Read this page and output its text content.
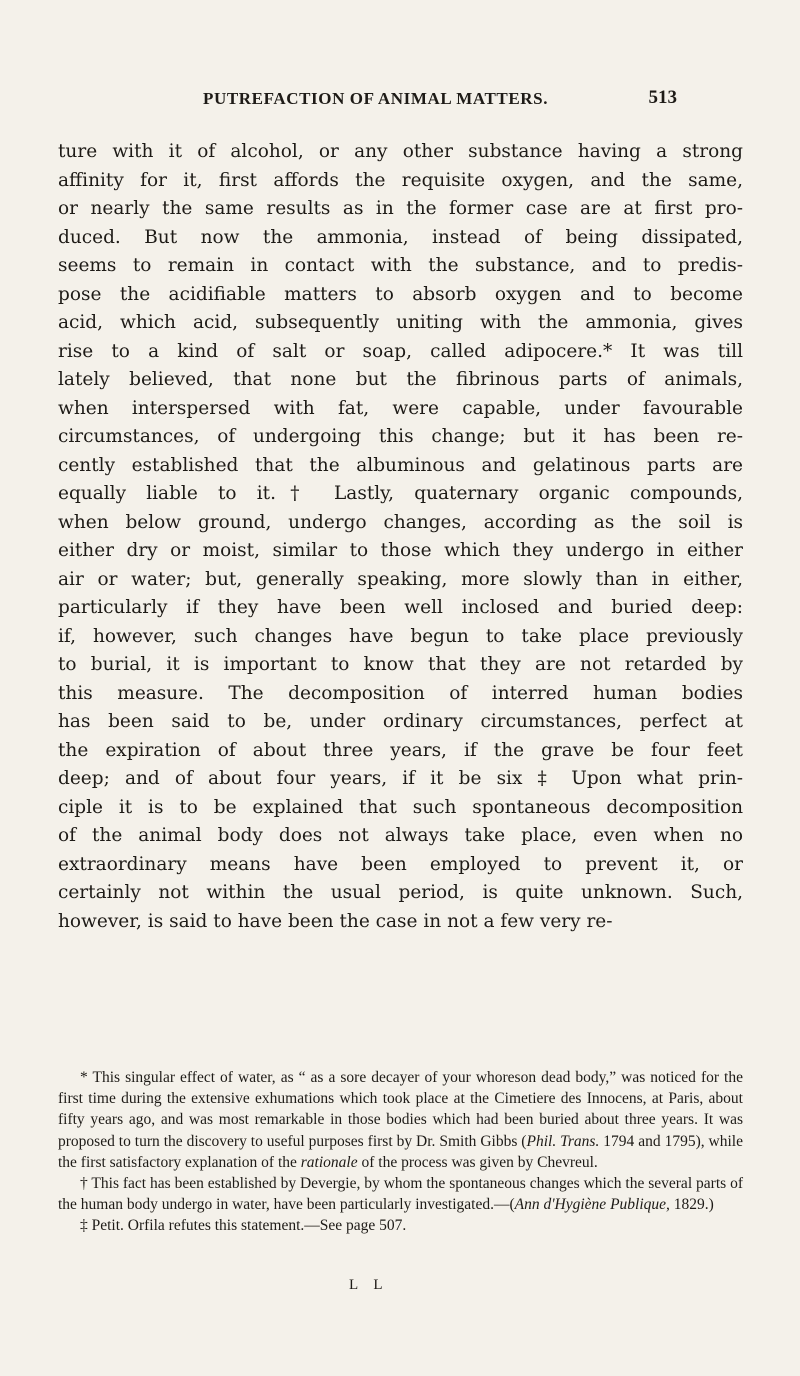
PUTREFACTION OF ANIMAL MATTERS.	513
ture with it of alcohol, or any other substance having a strong
affinity for it, first affords the requisite oxygen, and the same,
or nearly the same results as in the former case are at first pro-
duced. But now the ammonia, instead of being dissipated,
seems to remain in contact with the substance, and to predis-
pose the acidifiable matters to absorb oxygen and to become
acid, which acid, subsequently uniting with the ammonia, gives
rise to a kind of salt or soap, called adipocere.* It was till
lately believed, that none but the fibrinous parts of animals,
when interspersed with fat, were capable, under favourable
circumstances, of undergoing this change; but it has been re-
cently established that the albuminous and gelatinous parts are
equally liable to it.† Lastly, quaternary organic compounds,
when below ground, undergo changes, according as the soil is
either dry or moist, similar to those which they undergo in either
air or water; but, generally speaking, more slowly than in either,
particularly if they have been well inclosed and buried deep:
if, however, such changes have begun to take place previously
to burial, it is important to know that they are not retarded by
this measure. The decomposition of interred human bodies
has been said to be, under ordinary circumstances, perfect at
the expiration of about three years, if the grave be four feet
deep; and of about four years, if it be six ‡ Upon what prin-
ciple it is to be explained that such spontaneous decomposition
of the animal body does not always take place, even when no
extraordinary means have been employed to prevent it, or
certainly not within the usual period, is quite unknown. Such,
however, is said to have been the case in not a few very re-

* This singular effect of water, as “ as a sore decayer of your whoreson dead body,” was noticed for the first time during the extensive exhumations which took place at the Cimetiere des Innocens, at Paris, about fifty years ago, and was most remarkable in those bodies which had been buried about three years. It was proposed to turn the discovery to useful purposes first by Dr. Smith Gibbs (Phil. Trans. 1794 and 1795), while the first satisfactory explanation of the rationale of the process was given by Chevreul.

† This fact has been established by Devergie, by whom the spontaneous changes which the several parts of the human body undergo in water, have been particularly investigated.—(Ann d'Hygiène Publique, 1829.)

‡ Petit. Orfila refutes this statement.—See page 507.

L L
